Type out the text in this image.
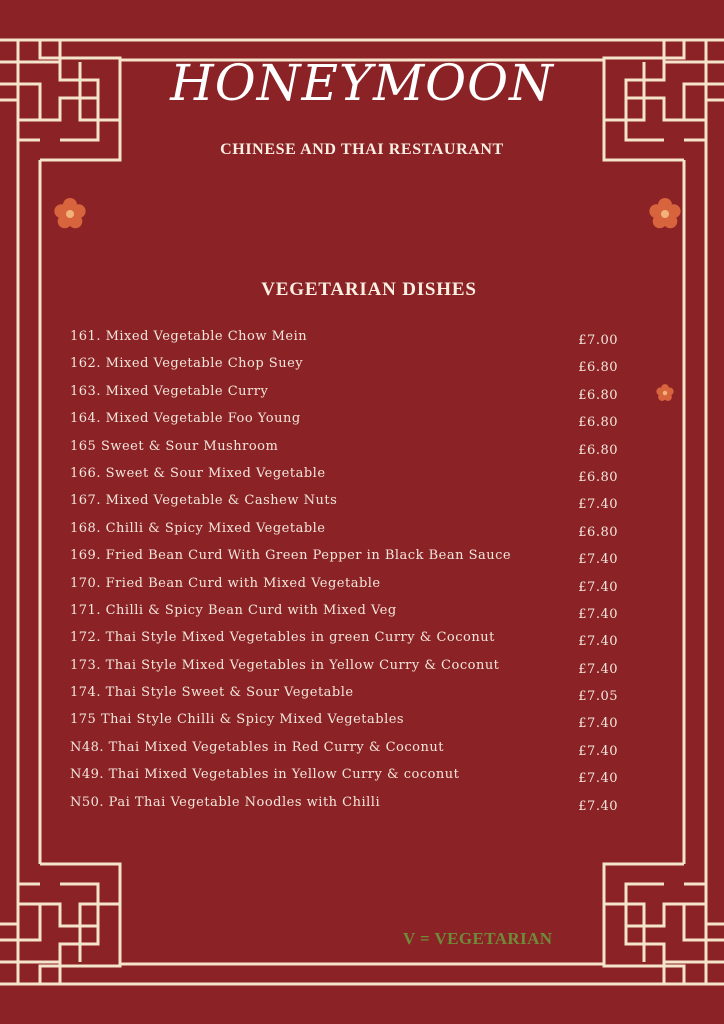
HONEYMOON
CHINESE AND THAI RESTAURANT
VEGETARIAN DISHES
161. Mixed Vegetable Chow Mein	£7.00
162. Mixed Vegetable Chop Suey	£6.80
163. Mixed Vegetable Curry	£6.80
164. Mixed Vegetable Foo Young	£6.80
165 Sweet & Sour Mushroom	£6.80
166. Sweet & Sour Mixed Vegetable	£6.80
167. Mixed Vegetable & Cashew Nuts	£7.40
168. Chilli & Spicy Mixed Vegetable	£6.80
169. Fried Bean Curd With Green Pepper in Black Bean Sauce	£7.40
170. Fried Bean Curd with Mixed Vegetable	£7.40
171. Chilli & Spicy Bean Curd with Mixed Veg	£7.40
172. Thai Style Mixed Vegetables in green Curry & Coconut	£7.40
173. Thai Style Mixed Vegetables in Yellow Curry & Coconut	£7.40
174. Thai Style Sweet & Sour Vegetable	£7.05
175 Thai Style Chilli & Spicy Mixed Vegetables	£7.40
N48. Thai Mixed Vegetables in Red Curry & Coconut	£7.40
N49. Thai Mixed Vegetables in Yellow Curry & coconut	£7.40
N50. Pai Thai Vegetable Noodles with Chilli	£7.40
V = VEGETARIAN
